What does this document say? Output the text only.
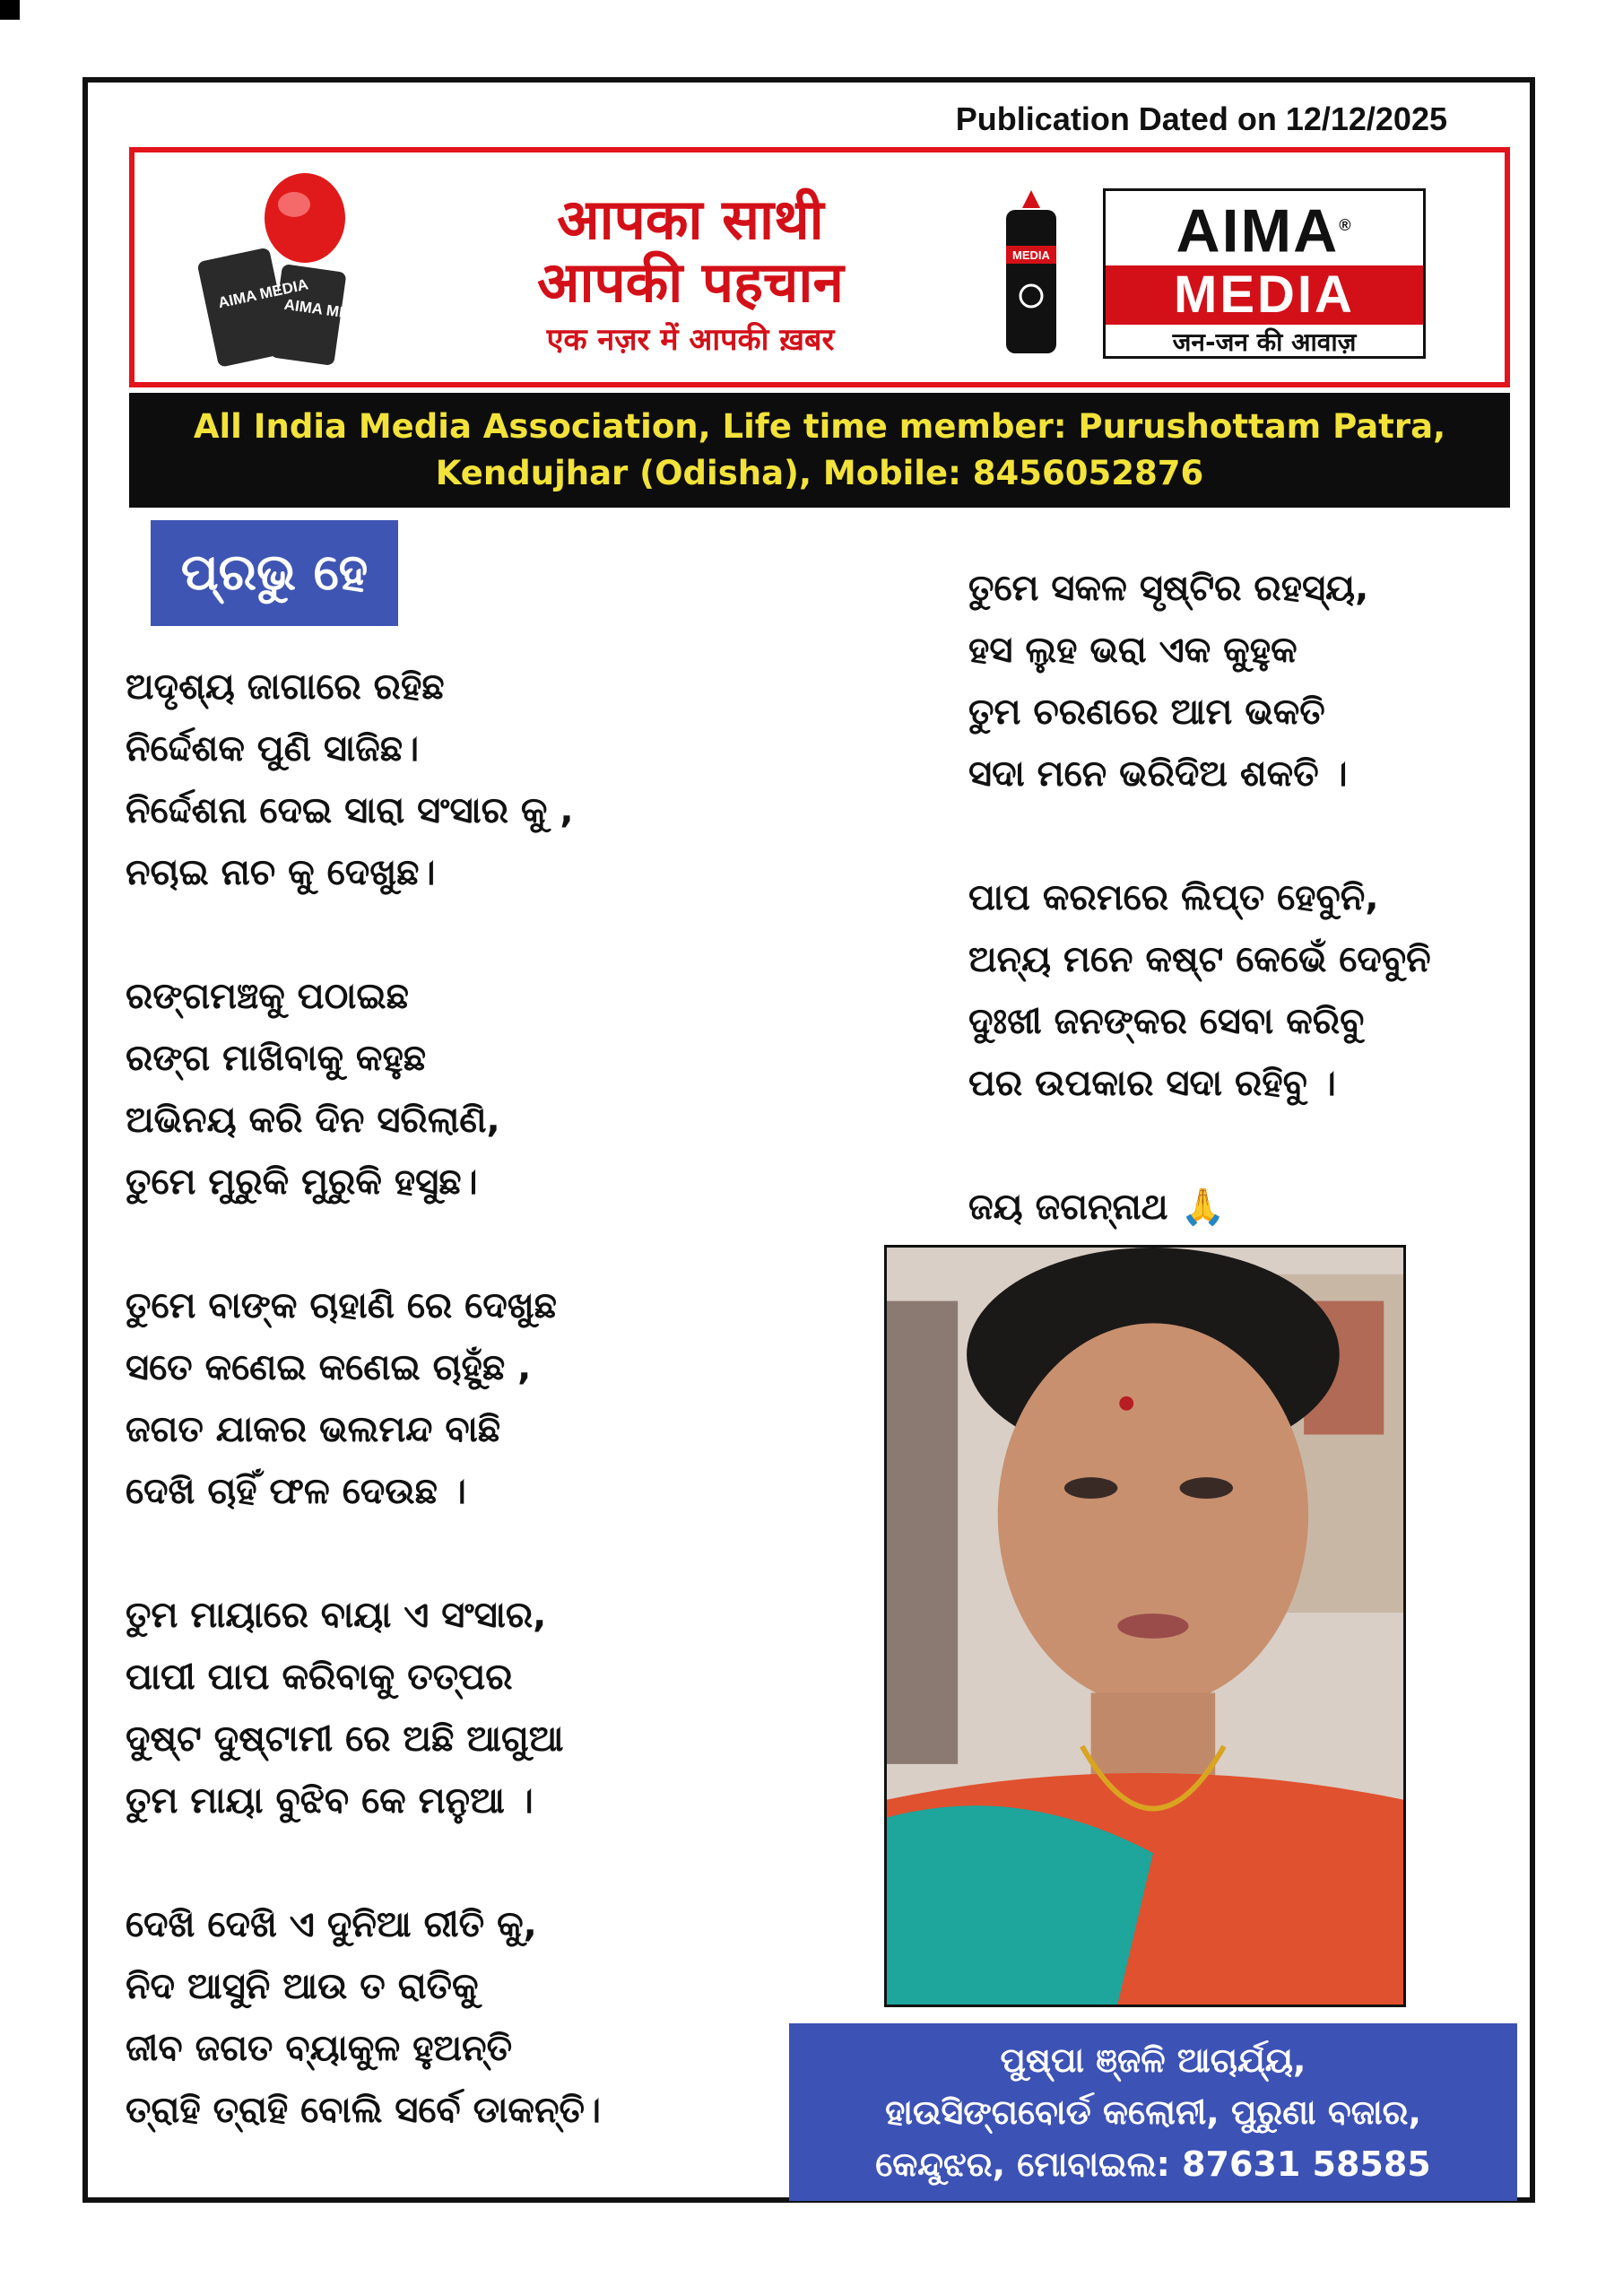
Publication Dated on 12/12/2025
AIMA MEDIA
AIMA MEDIA
आपका साथी
आपकी पहचान
एक नज़र में आपकी ख़बर
MEDIA	AIMA®
MEDIA
जन-जन की आवाज़
All India Media Association, Life time member: Purushottam Patra,
Kendujhar (Odisha), Mobile: 8456052876
ପ୍ରଭୁ ହେ

ଅଦୃଶ୍ୟ ଜାଗାରେ ରହିଛ

ନିର୍ଦ୍ଦେଶକ ପୁଣି ସାଜିଛ।

ନିର୍ଦ୍ଦେଶନା ଦେଇ ସାରା ସଂସାର କୁ ,

ନଚାଇ ନାଚ କୁ ଦେଖୁଛ।

ରଙ୍ଗମଞ୍ଚକୁ ପଠାଇଛ

ରଙ୍ଗ ମାଖିବାକୁ କହୁଛ

ଅଭିନୟ କରି ଦିନ ସରିଲାଣି,

ତୁମେ ମୁରୁକି ମୁରୁକି ହସୁଛ।

ତୁମେ ବାଙ୍କ ଚାହାଣି ରେ ଦେଖୁଛ

ସତେ କଣେଇ କଣେଇ ଚାହୁଁଛ ,

ଜଗତ ଯାକର ଭଲମନ୍ଦ ବାଛି

ଦେଖି ଚାହିଁ ଫଳ ଦେଉଛ ।

ତୁମ ମାୟାରେ ବାୟା ଏ ସଂସାର,

ପାପୀ ପାପ କରିବାକୁ ତତ୍ପର

ଦୁଷ୍ଟ ଦୁଷ୍ଟାମୀ ରେ ଅଛି ଆଗୁଆ

ତୁମ ମାୟା ବୁଝିବ କେ ମନୁଆ ।

ଦେଖି ଦେଖି ଏ ଦୁନିଆ ରୀତି କୁ,

ନିଦ ଆସୁନି ଆଉ ତ ରାତିକୁ

ଜୀବ ଜଗତ ବ୍ୟାକୁଳ ହୁଅନ୍ତି

ତ୍ରାହି ତ୍ରାହି ବୋଲି ସର୍ବେ ଡାକନ୍ତି।

ତୁମେ ସକଳ ସୃଷ୍ଟିର ରହସ୍ୟ,

ହସ ଲୁହ ଭରା ଏକ କୁହୁକ

ତୁମ ଚରଣରେ ଆମ ଭକତି

ସଦା ମନେ ଭରିଦିଅ ଶକତି ।

ପାପ କରମରେ ଲିପ୍ତ ହେବୁନି,

ଅନ୍ୟ ମନେ କଷ୍ଟ କେଭେଁ ଦେବୁନି

ଦୁଃଖୀ ଜନଙ୍କର ସେବା କରିବୁ

ପର ଉପକାର ସଦା ରହିବୁ ।

ଜୟ ଜଗନ୍ନାଥ 🙏

ପୁଷ୍ପା ଞ୍ଜଳି ଆଚାର୍ଯ୍ୟ,
ହାଉସିଙ୍ଗବୋର୍ଡ କଲୋନୀ, ପୁରୁଣା ବଜାର,
କେନ୍ଦୁଝର, ମୋବାଇଲ: 87631 58585
